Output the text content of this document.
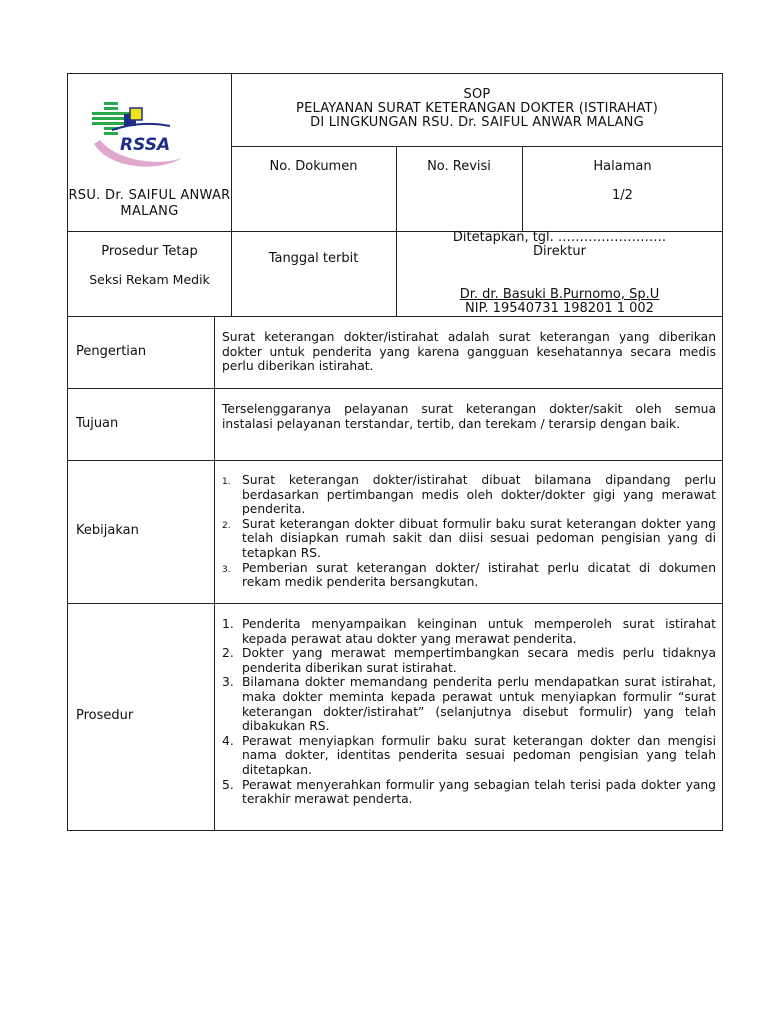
RSSA
RSU. Dr. SAIFUL ANWAR MALANG
SOP
PELAYANAN SURAT KETERANGAN DOKTER (ISTIRAHAT)
DI LINGKUNGAN RSU. Dr. SAIFUL ANWAR MALANG
No. Dokumen	No. Revisi	Halaman
1/2
Prosedur Tetap
Seksi Rekam Medik
Tanggal terbit
Ditetapkan, tgl. …………………….
Direktur
Dr. dr. Basuki B.Purnomo, Sp.U
NIP. 19540731 198201 1 002
Pengertian

Surat keterangan dokter/istirahat adalah surat keterangan yang diberikan dokter untuk penderita yang karena gangguan kesehatannya secara medis perlu diberikan istirahat.

Tujuan

Terselenggaranya pelayanan surat keterangan dokter/sakit oleh semua instalasi pelayanan terstandar, tertib, dan terekam / terarsip dengan baik.

Kebijakan
1. Surat keterangan dokter/istirahat dibuat bilamana dipandang perlu berdasarkan pertimbangan medis oleh dokter/dokter gigi yang merawat penderita.
2. Surat keterangan dokter dibuat formulir baku surat keterangan dokter yang telah disiapkan rumah sakit dan diisi sesuai pedoman pengisian yang di tetapkan RS.
3. Pemberian surat keterangan dokter/ istirahat perlu dicatat di dokumen rekam medik penderita bersangkutan.
Prosedur
1. Penderita menyampaikan keinginan untuk memperoleh surat istirahat kepada perawat atau dokter yang merawat penderita.
2. Dokter yang merawat mempertimbangkan secara medis perlu tidaknya penderita diberikan surat istirahat.
3. Bilamana dokter memandang penderita perlu mendapatkan surat istirahat, maka dokter meminta kepada perawat untuk menyiapkan formulir “surat keterangan dokter/istirahat” (selanjutnya disebut formulir) yang telah dibakukan RS.
4. Perawat menyiapkan formulir baku surat keterangan dokter dan mengisi nama dokter, identitas penderita sesuai pedoman pengisian yang telah ditetapkan.
5. Perawat menyerahkan formulir yang sebagian telah terisi pada dokter yang terakhir merawat penderta.
